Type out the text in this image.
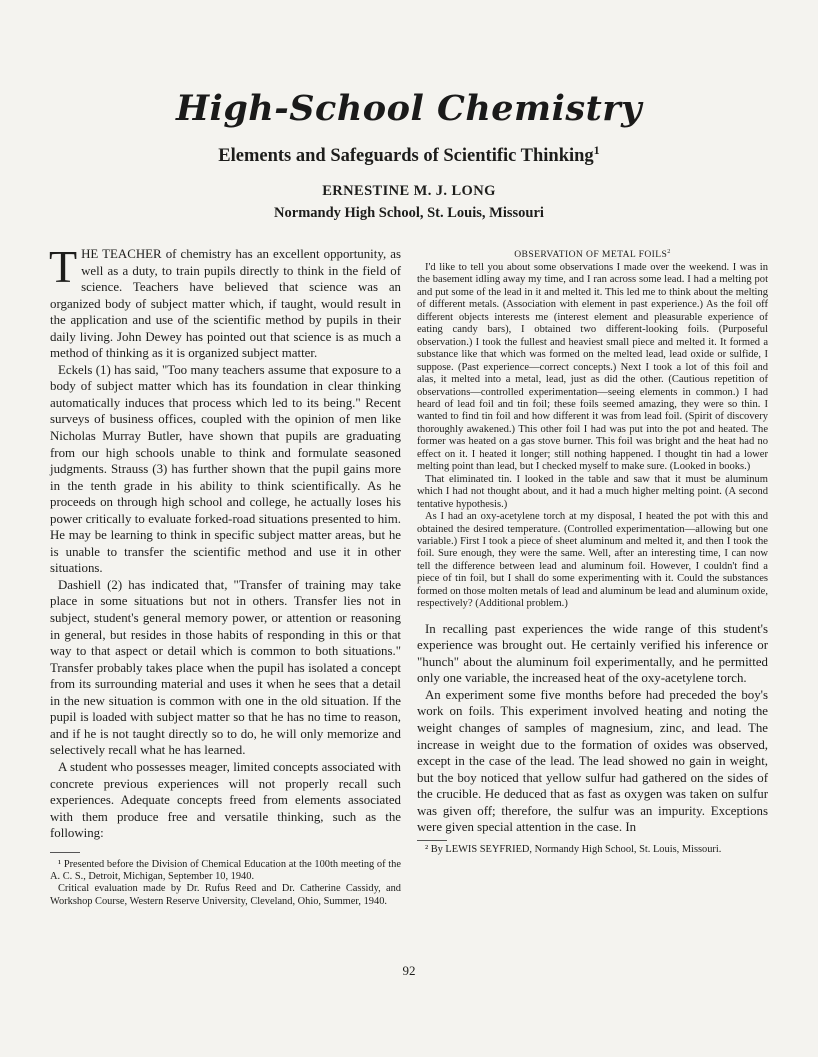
High-School Chemistry
Elements and Safeguards of Scientific Thinking$^1$
ERNESTINE M. J. LONG
Normandy High School, St. Louis, Missouri

THE TEACHER of chemistry has an excellent opportunity, as well as a duty, to train pupils directly to think in the field of science. Teachers have believed that science was an organized body of subject matter which, if taught, would result in the application and use of the scientific method by pupils in their daily living. John Dewey has pointed out that science is as much a method of thinking as it is organized subject matter.

Eckels (1) has said, "Too many teachers assume that exposure to a body of subject matter which has its foundation in clear thinking automatically induces that process which led to its being." Recent surveys of business offices, coupled with the opinion of men like Nicholas Murray Butler, have shown that pupils are graduating from our high schools unable to think and formulate seasoned judgments. Strauss (3) has further shown that the pupil gains more in the tenth grade in his ability to think scientifically. As he proceeds on through high school and college, he actually loses his power critically to evaluate forked-road situations presented to him. He may be learning to think in specific subject matter areas, but he is unable to transfer the scientific method and use it in other situations.

Dashiell (2) has indicated that, "Transfer of training may take place in some situations but not in others. Transfer lies not in subject, student's general memory power, or attention or reasoning in general, but resides in those habits of responding in this or that way to that aspect or detail which is common to both situations." Transfer probably takes place when the pupil has isolated a concept from its surrounding material and uses it when he sees that a detail in the new situation is common with one in the old situation. If the pupil is loaded with subject matter so that he has no time to reason, and if he is not taught directly so to do, he will only memorize and selectively recall what he has learned.

A student who possesses meager, limited concepts associated with concrete previous experiences will not properly recall such experiences. Adequate concepts freed from elements associated with them produce free and versatile thinking, such as the following:

¹ Presented before the Division of Chemical Education at the 100th meeting of the A. C. S., Detroit, Michigan, September 10, 1940.

Critical evaluation made by Dr. Rufus Reed and Dr. Catherine Cassidy, and Workshop Course, Western Reserve University, Cleveland, Ohio, Summer, 1940.

OBSERVATION OF METAL FOILS$^2$

I'd like to tell you about some observations I made over the weekend. I was in the basement idling away my time, and I ran across some lead. I had a melting pot and put some of the lead in it and melted it. This led me to think about the melting of different metals. (Association with element in past experience.) As the foil off different objects interests me (interest element and pleasurable experience of eating candy bars), I obtained two different-looking foils. (Purposeful observation.) I took the fullest and heaviest small piece and melted it. It formed a substance like that which was formed on the melted lead, lead oxide or sulfide, I suppose. (Past experience—correct concepts.) Next I took a lot of this foil and alas, it melted into a metal, lead, just as did the other. (Cautious repetition of observations—controlled experimentation—seeing elements in common.) I had heard of lead foil and tin foil; these foils seemed amazing, they were so thin. I wanted to find tin foil and how different it was from lead foil. (Spirit of discovery thoroughly awakened.) This other foil I had was put into the pot and heated. The former was heated on a gas stove burner. This foil was bright and the heat had no effect on it. I heated it longer; still nothing happened. I thought tin had a lower melting point than lead, but I checked myself to make sure. (Looked in books.)

That eliminated tin. I looked in the table and saw that it must be aluminum which I had not thought about, and it had a much higher melting point. (A second tentative hypothesis.)

As I had an oxy-acetylene torch at my disposal, I heated the pot with this and obtained the desired temperature. (Controlled experimentation—allowing but one variable.) First I took a piece of sheet aluminum and melted it, and then I took the foil. Sure enough, they were the same. Well, after an interesting time, I can now tell the difference between lead and aluminum foil. However, I couldn't find a piece of tin foil, but I shall do some experimenting with it. Could the substances formed on those molten metals of lead and aluminum be lead and aluminum oxide, respectively? (Additional problem.)

In recalling past experiences the wide range of this student's experience was brought out. He certainly verified his inference or "hunch" about the aluminum foil experimentally, and he permitted only one variable, the increased heat of the oxy-acetylene torch.

An experiment some five months before had preceded the boy's work on foils. This experiment involved heating and noting the weight changes of samples of magnesium, zinc, and lead. The increase in weight due to the formation of oxides was observed, except in the case of the lead. The lead showed no gain in weight, but the boy noticed that yellow sulfur had gathered on the sides of the crucible. He deduced that as fast as oxygen was taken on sulfur was given off; therefore, the sulfur was an impurity. Exceptions were given special attention in the case. In

² By LEWIS SEYFRIED, Normandy High School, St. Louis, Missouri.

92
